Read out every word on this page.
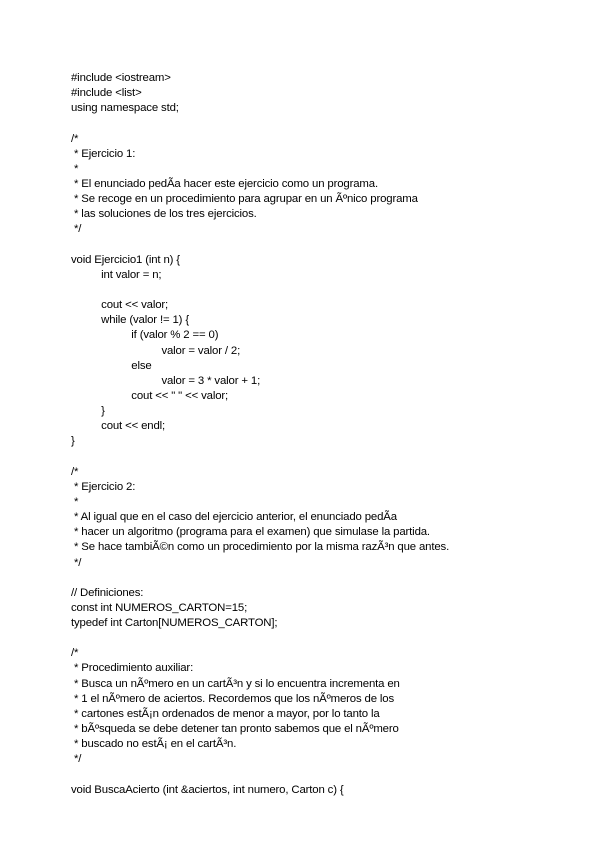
#include <iostream>
#include <list>
using namespace std;
/*
* Ejercicio 1:
*
* El enunciado pedÃa hacer este ejercicio como un programa.
* Se recoge en un procedimiento para agrupar en un Ãºnico programa
* las soluciones de los tres ejercicios.
*/
void Ejercicio1 (int n) {
int valor = n;
cout << valor;
while (valor != 1) {
if (valor % 2 == 0)
valor = valor / 2;
else
valor = 3 * valor + 1;
cout << " " << valor;
}
cout << endl;
}
/*
* Ejercicio 2:
*
* Al igual que en el caso del ejercicio anterior, el enunciado pedÃa
* hacer un algoritmo (programa para el examen) que simulase la partida.
* Se hace tambiÃ©n como un procedimiento por la misma razÃ³n que antes.
*/
// Definiciones:
const int NUMEROS_CARTON=15;
typedef int Carton[NUMEROS_CARTON];
/*
* Procedimiento auxiliar:
* Busca un nÃºmero en un cartÃ³n y si lo encuentra incrementa en
* 1 el nÃºmero de aciertos. Recordemos que los nÃºmeros de los
* cartones estÃ¡n ordenados de menor a mayor, por lo tanto la
* bÃºsqueda se debe detener tan pronto sabemos que el nÃºmero
* buscado no estÃ¡ en el cartÃ³n.
*/
void BuscaAcierto (int &aciertos, int numero, Carton c) {
